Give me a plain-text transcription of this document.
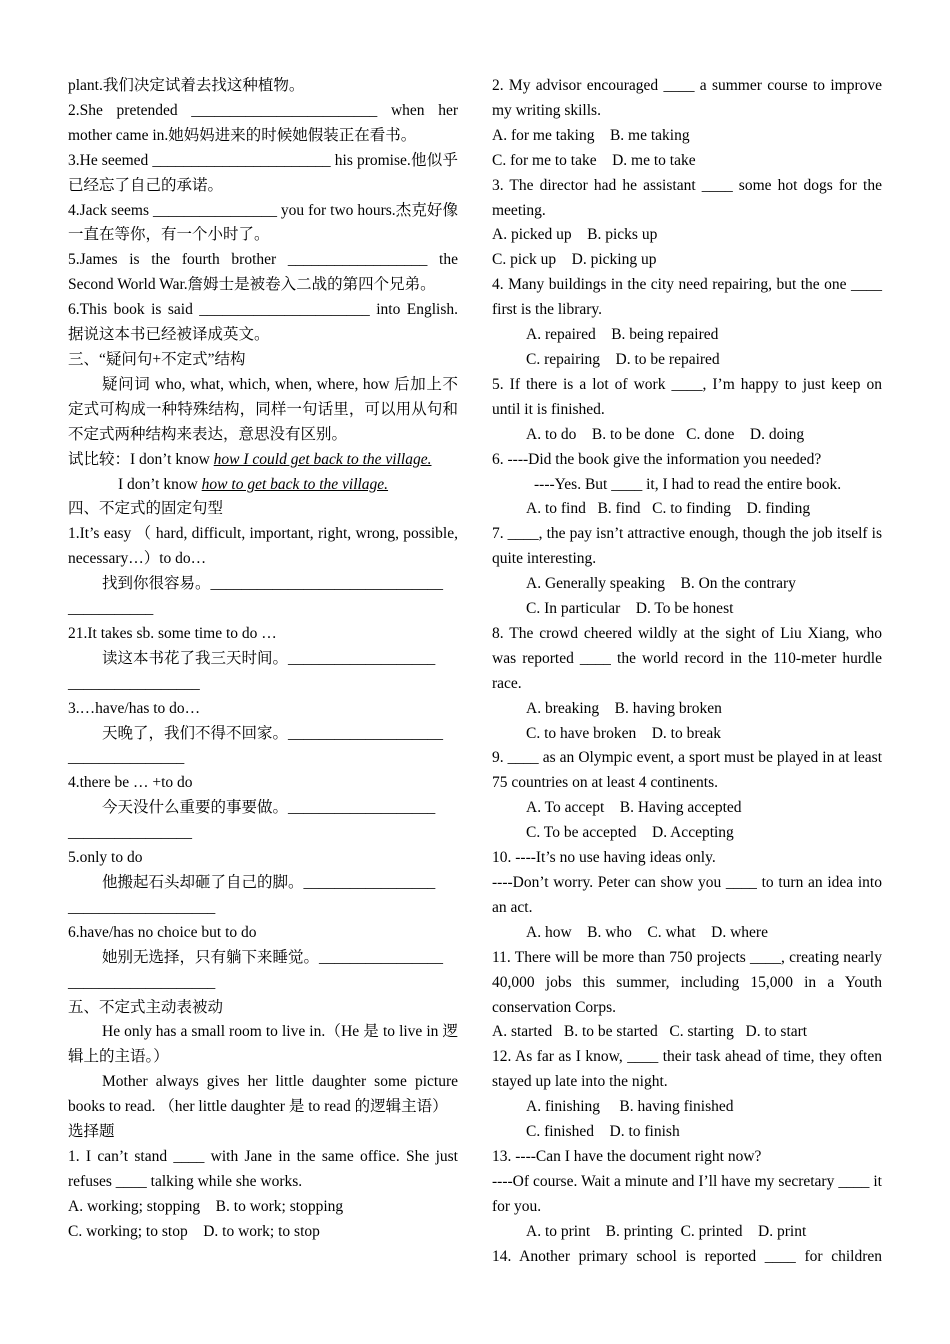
plant.我们决定试着去找这种植物。

2.She pretended ________________________ when her mother came in.她妈妈进来的时候她假装正在看书。

3.He seemed _______________________ his promise.他似乎已经忘了自己的承诺。

4.Jack seems ________________ you for two hours.杰克好像一直在等你，有一个小时了。

5.James is the fourth brother __________________ the Second World War.詹姆士是被卷入二战的第四个兄弟。

6.This book is said ______________________ into English.据说这本书已经被译成英文。

三、“疑问句+不定式”结构

疑问词 who, what, which, when, where, how 后加上不定式可构成一种特殊结构，同样一句话里，可以用从句和不定式两种结构来表达，意思没有区别。

试比较：I don’t know how I could get back to the village.

I don’t know how to get back to the village.

四、不定式的固定句型

1.It’s easy （ hard, difficult, important, right, wrong, possible, necessary…）to do…

找到你很容易。______________________________

___________

21.It takes sb. some time to do …

读这本书花了我三天时间。___________________

_________________

3.…have/has to do…

天晚了，我们不得不回家。____________________

_______________

4.there be … +to do

今天没什么重要的事要做。___________________

________________

5.only to do

他搬起石头却砸了自己的脚。_________________

___________________

6.have/has no choice but to do

她别无选择，只有躺下来睡觉。________________

___________________

五、不定式主动表被动

He only has a small room to live in.（He 是 to live in 逻辑上的主语。）

Mother always gives her little daughter some picture books to read. （her little daughter 是 to read 的逻辑主语）

选择题

1. I can’t stand ____ with Jane in the same office. She just refuses ____ talking while she works.

A. working; stopping    B. to work; stopping

C. working; to stop    D. to work; to stop

2. My advisor encouraged ____ a summer course to improve my writing skills.

A. for me taking    B. me taking

C. for me to take    D. me to take

3. The director had he assistant ____ some hot dogs for the meeting.

A. picked up    B. picks up

C. pick up    D. picking up

4. Many buildings in the city need repairing, but the one ____ first is the library.

A. repaired    B. being repaired

C. repairing    D. to be repaired

5. If there is a lot of work ____, I’m happy to just keep on until it is finished.

A. to do    B. to be done   C. done    D. doing

6. ----Did the book give the information you needed?

----Yes. But ____ it, I had to read the entire book.

A. to find   B. find   C. to finding    D. finding

7. ____, the pay isn’t attractive enough, though the job itself is quite interesting.

A. Generally speaking    B. On the contrary

C. In particular    D. To be honest

8. The crowd cheered wildly at the sight of Liu Xiang, who was reported ____ the world record in the 110-meter hurdle race.

A. breaking    B. having broken

C. to have broken    D. to break

9. ____ as an Olympic event, a sport must be played in at least 75 countries on at least 4 continents.

A. To accept    B. Having accepted

C. To be accepted    D. Accepting

10. ----It’s no use having ideas only.

----Don’t worry. Peter can show you ____ to turn an idea into an act.

A. how    B. who    C. what    D. where

11. There will be more than 750 projects ____, creating nearly 40,000 jobs this summer, including 15,000 in a Youth conservation Corps.

A. started   B. to be started   C. starting   D. to start

12. As far as I know, ____ their task ahead of time, they often stayed up late into the night.

A. finishing     B. having finished

C. finished    D. to finish

13. ----Can I have the document right now?

----Of course. Wait a minute and I’ll have my secretary ____ it for you.

A. to print    B. printing  C. printed    D. print

14. Another primary school is reported ____ for children
